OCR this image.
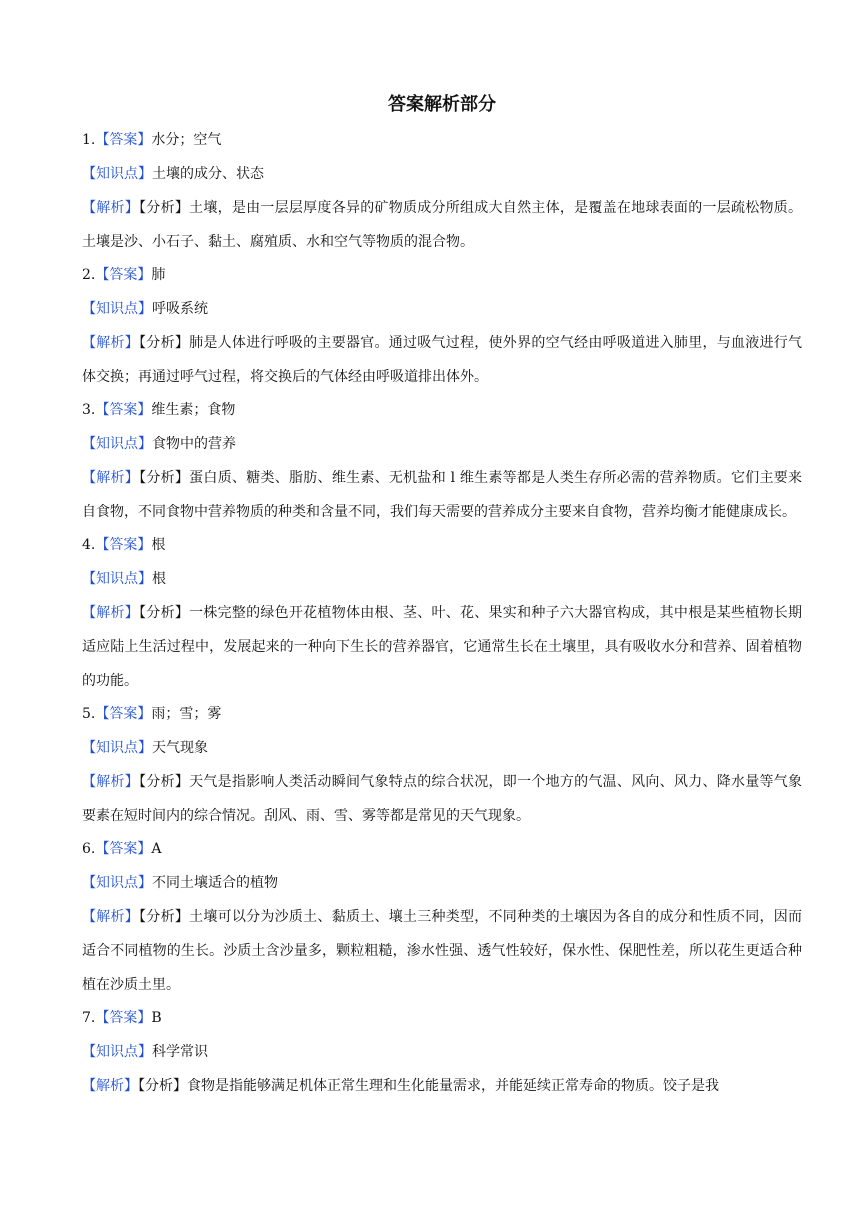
答案解析部分
1.【答案】水分；空气
【知识点】土壤的成分、状态
【解析】【分析】土壤，是由一层层厚度各异的矿物质成分所组成大自然主体，是覆盖在地球表面的一层疏松物质。土壤是沙、小石子、黏土、腐殖质、水和空气等物质的混合物。
2.【答案】肺
【知识点】呼吸系统
【解析】【分析】肺是人体进行呼吸的主要器官。通过吸气过程，使外界的空气经由呼吸道进入肺里，与血液进行气体交换；再通过呼气过程，将交换后的气体经由呼吸道排出体外。
3.【答案】维生素；食物
【知识点】食物中的营养
【解析】【分析】蛋白质、糖类、脂肪、维生素、无机盐和 l 维生素等都是人类生存所必需的营养物质。它们主要来自食物，不同食物中营养物质的种类和含量不同，我们每天需要的营养成分主要来自食物，营养均衡才能健康成长。
4.【答案】根
【知识点】根
【解析】【分析】一株完整的绿色开花植物体由根、茎、叶、花、果实和种子六大器官构成，其中根是某些植物长期适应陆上生活过程中，发展起来的一种向下生长的营养器官，它通常生长在土壤里，具有吸收水分和营养、固着植物的功能。
5.【答案】雨；雪；雾
【知识点】天气现象
【解析】【分析】天气是指影响人类活动瞬间气象特点的综合状况，即一个地方的气温、风向、风力、降水量等气象要素在短时间内的综合情况。刮风、雨、雪、雾等都是常见的天气现象。
6.【答案】A
【知识点】不同土壤适合的植物
【解析】【分析】土壤可以分为沙质土、黏质土、壤土三种类型，不同种类的土壤因为各自的成分和性质不同，因而适合不同植物的生长。沙质土含沙量多，颗粒粗糙，渗水性强、透气性较好，保水性、保肥性差，所以花生更适合种植在沙质土里。
7.【答案】B
【知识点】科学常识
【解析】【分析】食物是指能够满足机体正常生理和生化能量需求，并能延续正常寿命的物质。饺子是我
